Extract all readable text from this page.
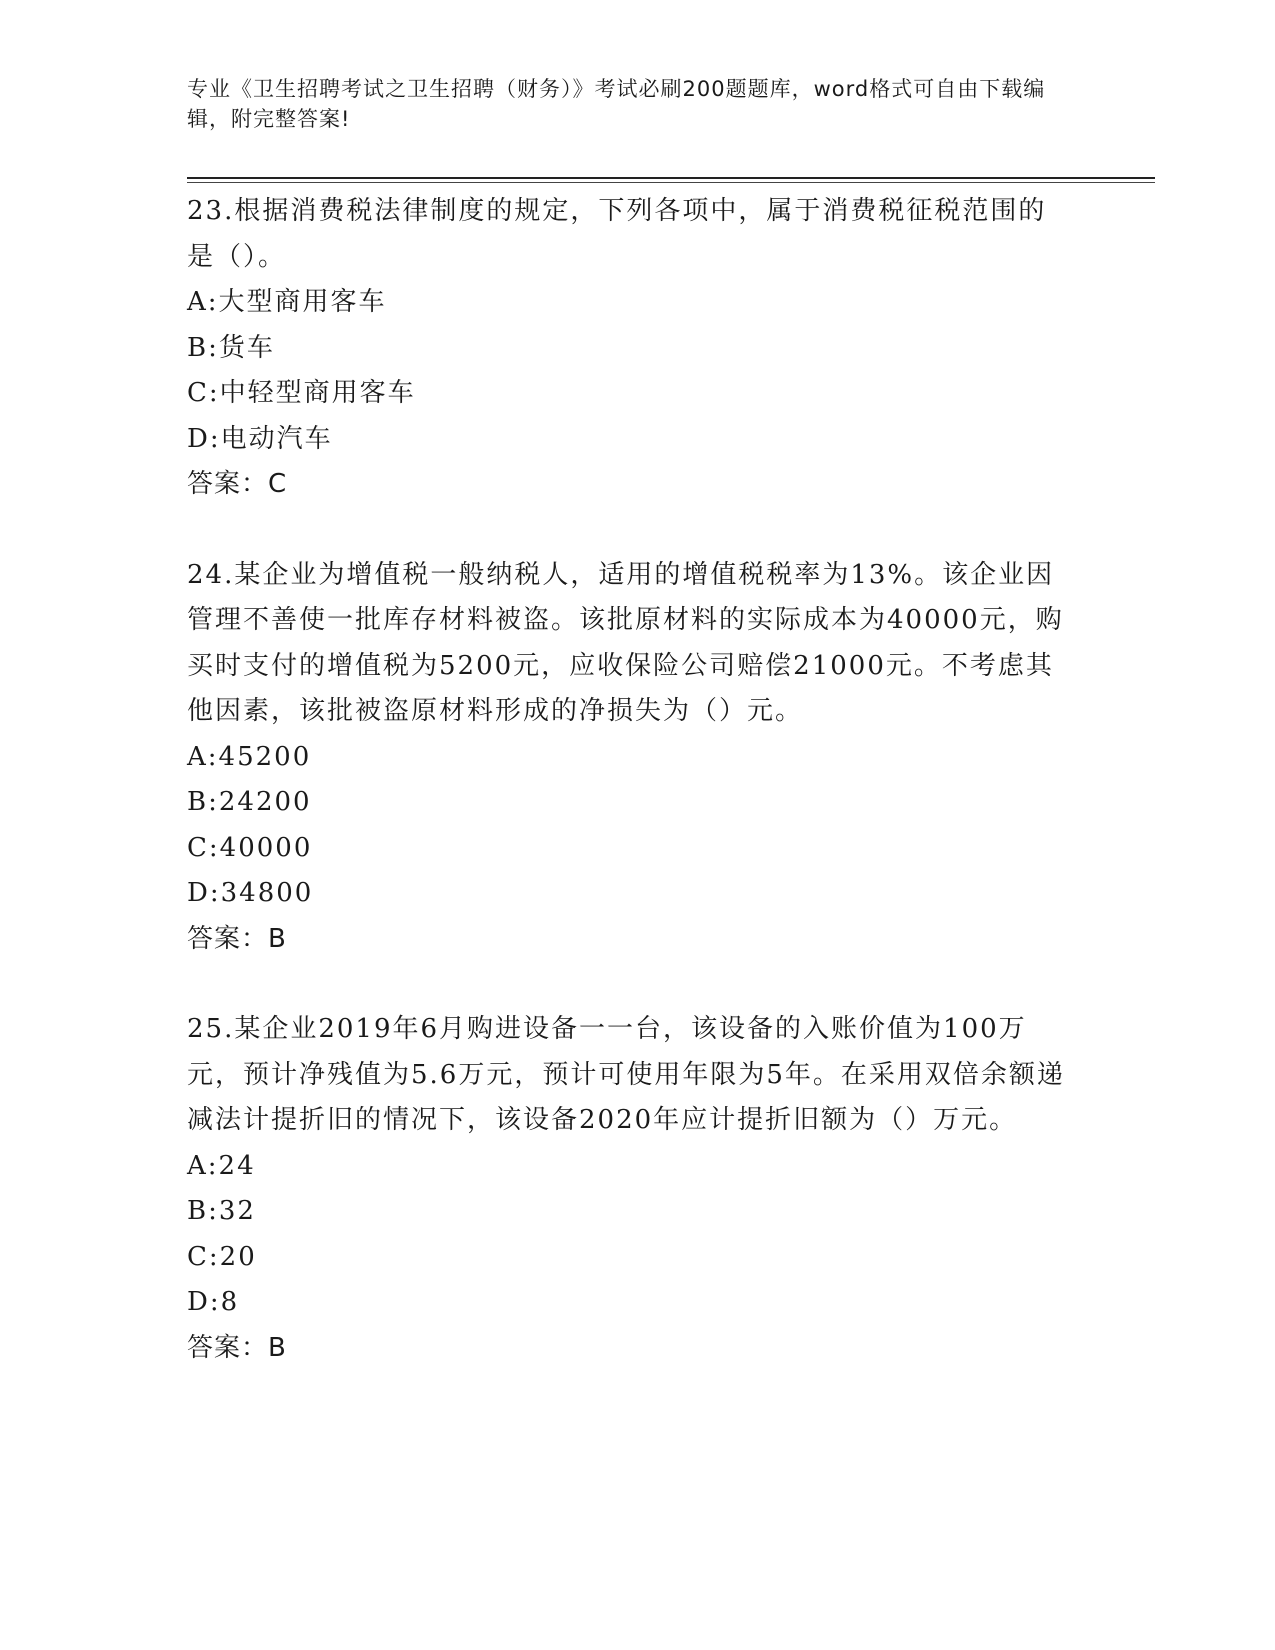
专业《卫生招聘考试之卫生招聘（财务）》考试必刷200题题库，word格式可自由下载编辑，附完整答案!

23.根据消费税法律制度的规定，下列各项中，属于消费税征税范围的是（）。

A:大型商用客车

B:货车

C:中轻型商用客车

D:电动汽车

答案：C

24.某企业为增值税一般纳税人，适用的增值税税率为13%。该企业因管理不善使一批库存材料被盗。该批原材料的实际成本为40000元，购买时支付的增值税为5200元，应收保险公司赔偿21000元。不考虑其他因素，该批被盗原材料形成的净损失为（）元。

A:45200

B:24200

C:40000

D:34800

答案：B

25.某企业2019年6月购进设备一一台，该设备的入账价值为100万元，预计净残值为5.6万元，预计可使用年限为5年。在采用双倍余额递减法计提折旧的情况下，该设备2020年应计提折旧额为（）万元。

A:24

B:32

C:20

D:8

答案：B
